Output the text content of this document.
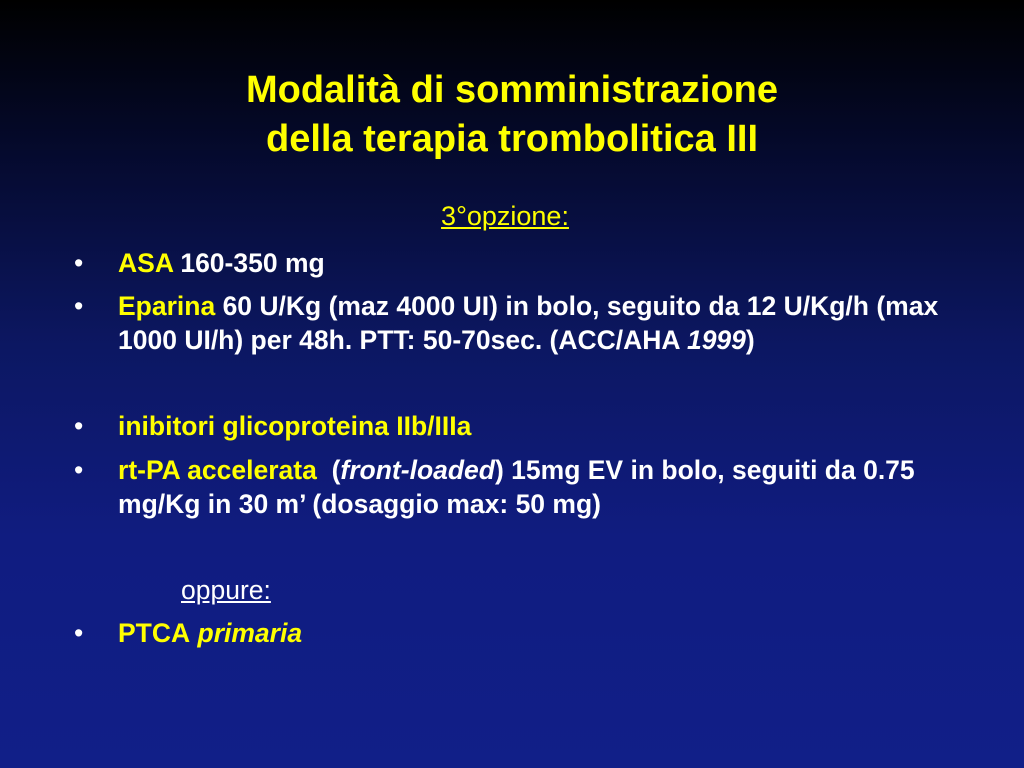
Modalità di somministrazione
della terapia trombolitica III
3°opzione:
• ASA 160-350 mg
• Eparina 60 U/Kg (maz 4000 UI) in bolo, seguito da 12 U/Kg/h (max 1000 UI/h) per 48h. PTT: 50-70sec. (ACC/AHA 1999)
• inibitori glicoproteina IIb/IIIa
• rt-PA accelerata  (front-loaded) 15mg EV in bolo, seguiti da 0.75 mg/Kg in 30 m’ (dosaggio max: 50 mg)
oppure:
• PTCA primaria
